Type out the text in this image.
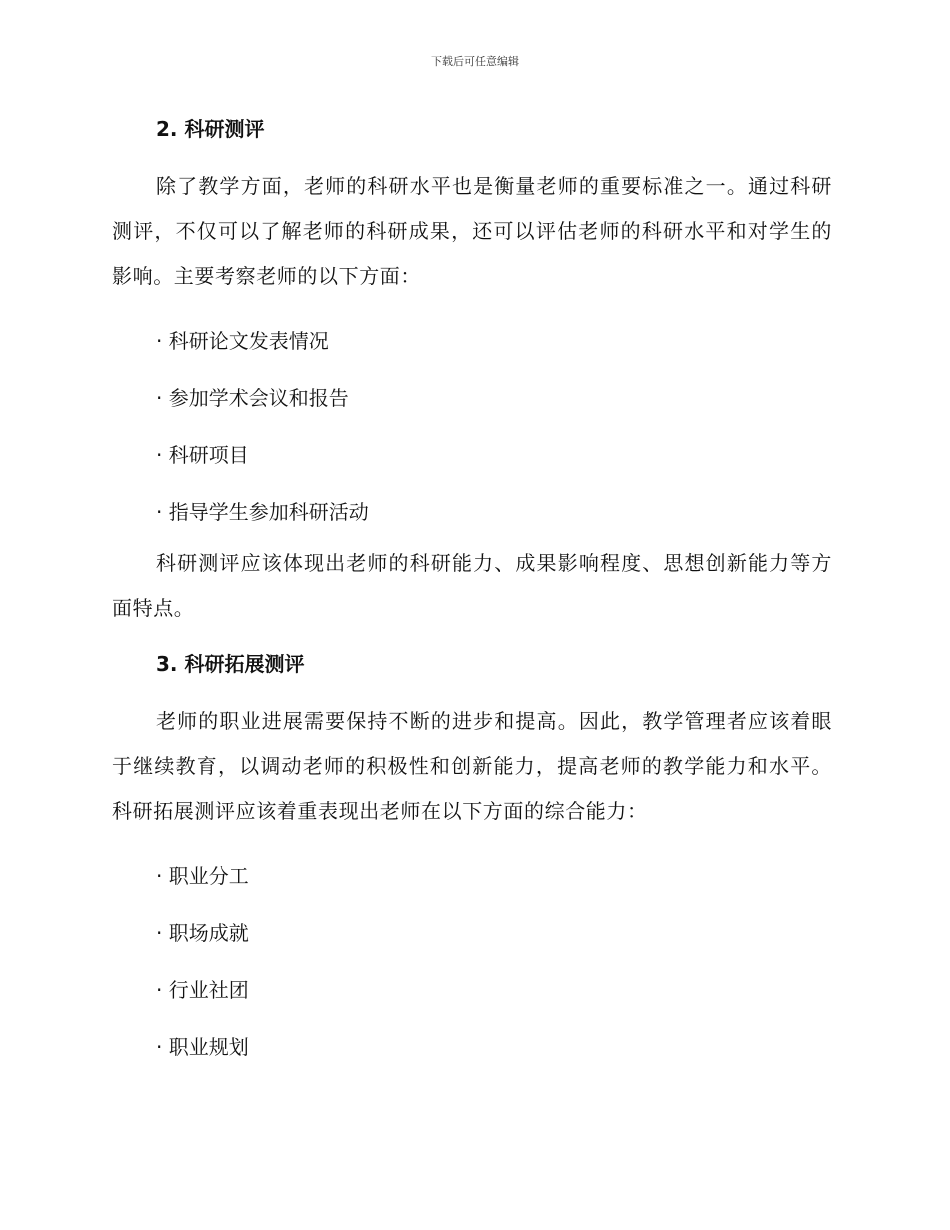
下载后可任意编辑
2. 科研测评

除了教学方面，老师的科研水平也是衡量老师的重要标准之一。通过科研测评，不仅可以了解老师的科研成果，还可以评估老师的科研水平和对学生的影响。主要考察老师的以下方面：

· 科研论文发表情况

· 参加学术会议和报告

· 科研项目

· 指导学生参加科研活动

科研测评应该体现出老师的科研能力、成果影响程度、思想创新能力等方面特点。

3. 科研拓展测评

老师的职业进展需要保持不断的进步和提高。因此，教学管理者应该着眼于继续教育，以调动老师的积极性和创新能力，提高老师的教学能力和水平。科研拓展测评应该着重表现出老师在以下方面的综合能力：

· 职业分工

· 职场成就

· 行业社团

· 职业规划
